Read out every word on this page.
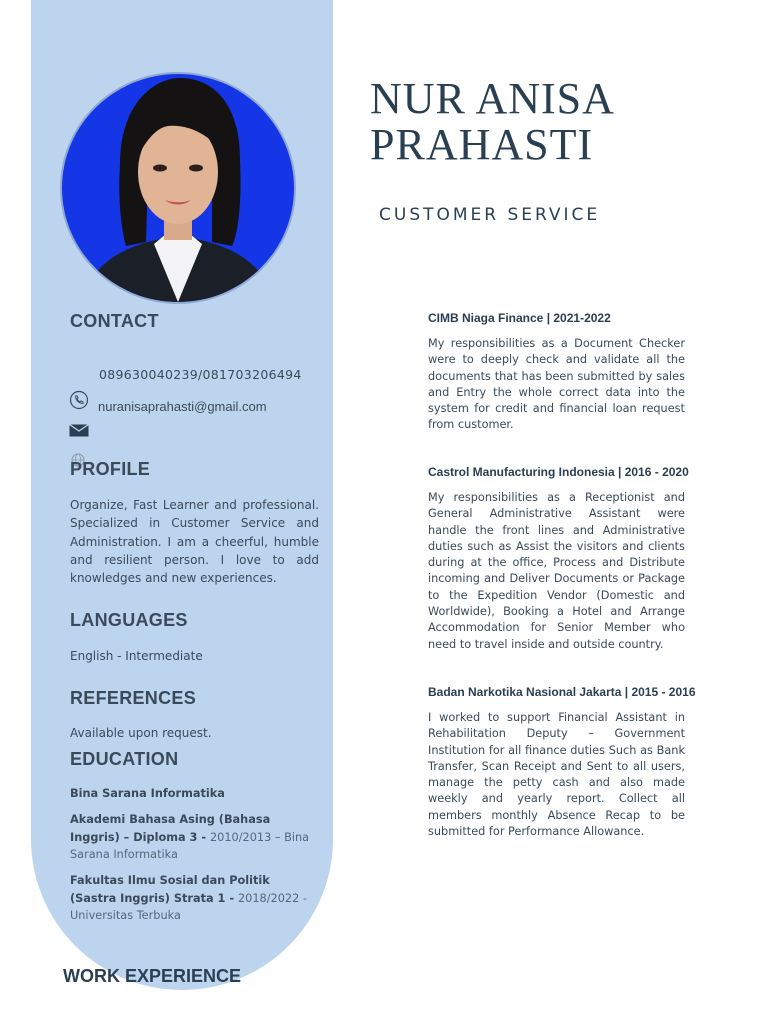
NUR ANISA
PRAHASTI
CUSTOMER SERVICE
CONTACT
089630040239/081703206494
nuranisaprahasti@gmail.com
PROFILE
Organize, Fast Learner and professional. Specialized in Customer Service and Administration. I am a cheerful, humble and resilient person. I love to add knowledges and new experiences.
LANGUAGES
English - Intermediate
REFERENCES
Available upon request.
EDUCATION
Bina Sarana Informatika
Akademi Bahasa Asing (Bahasa Inggris) – Diploma 3 - 2010/2013 – Bina Sarana Informatika
Fakultas Ilmu Sosial dan Politik (Sastra Inggris) Strata 1 - 2018/2022 - Universitas Terbuka
WORK EXPERIENCE
CIMB Niaga Finance | 2021-2022
My responsibilities as a Document Checker were to deeply check and validate all the documents that has been submitted by sales and Entry the whole correct data into the system for credit and financial loan request from customer.
Castrol Manufacturing Indonesia | 2016 - 2020
My responsibilities as a Receptionist and General Administrative Assistant were handle the front lines and Administrative duties such as Assist the visitors and clients during at the office, Process and Distribute incoming and Deliver Documents or Package to the Expedition Vendor (Domestic and Worldwide), Booking a Hotel and Arrange Accommodation for Senior Member who need to travel inside and outside country.
Badan Narkotika Nasional Jakarta | 2015 - 2016
I worked to support Financial Assistant in Rehabilitation Deputy – Government Institution for all finance duties Such as Bank Transfer, Scan Receipt and Sent to all users, manage the petty cash and also made weekly and yearly report. Collect all members monthly Absence Recap to be submitted for Performance Allowance.
